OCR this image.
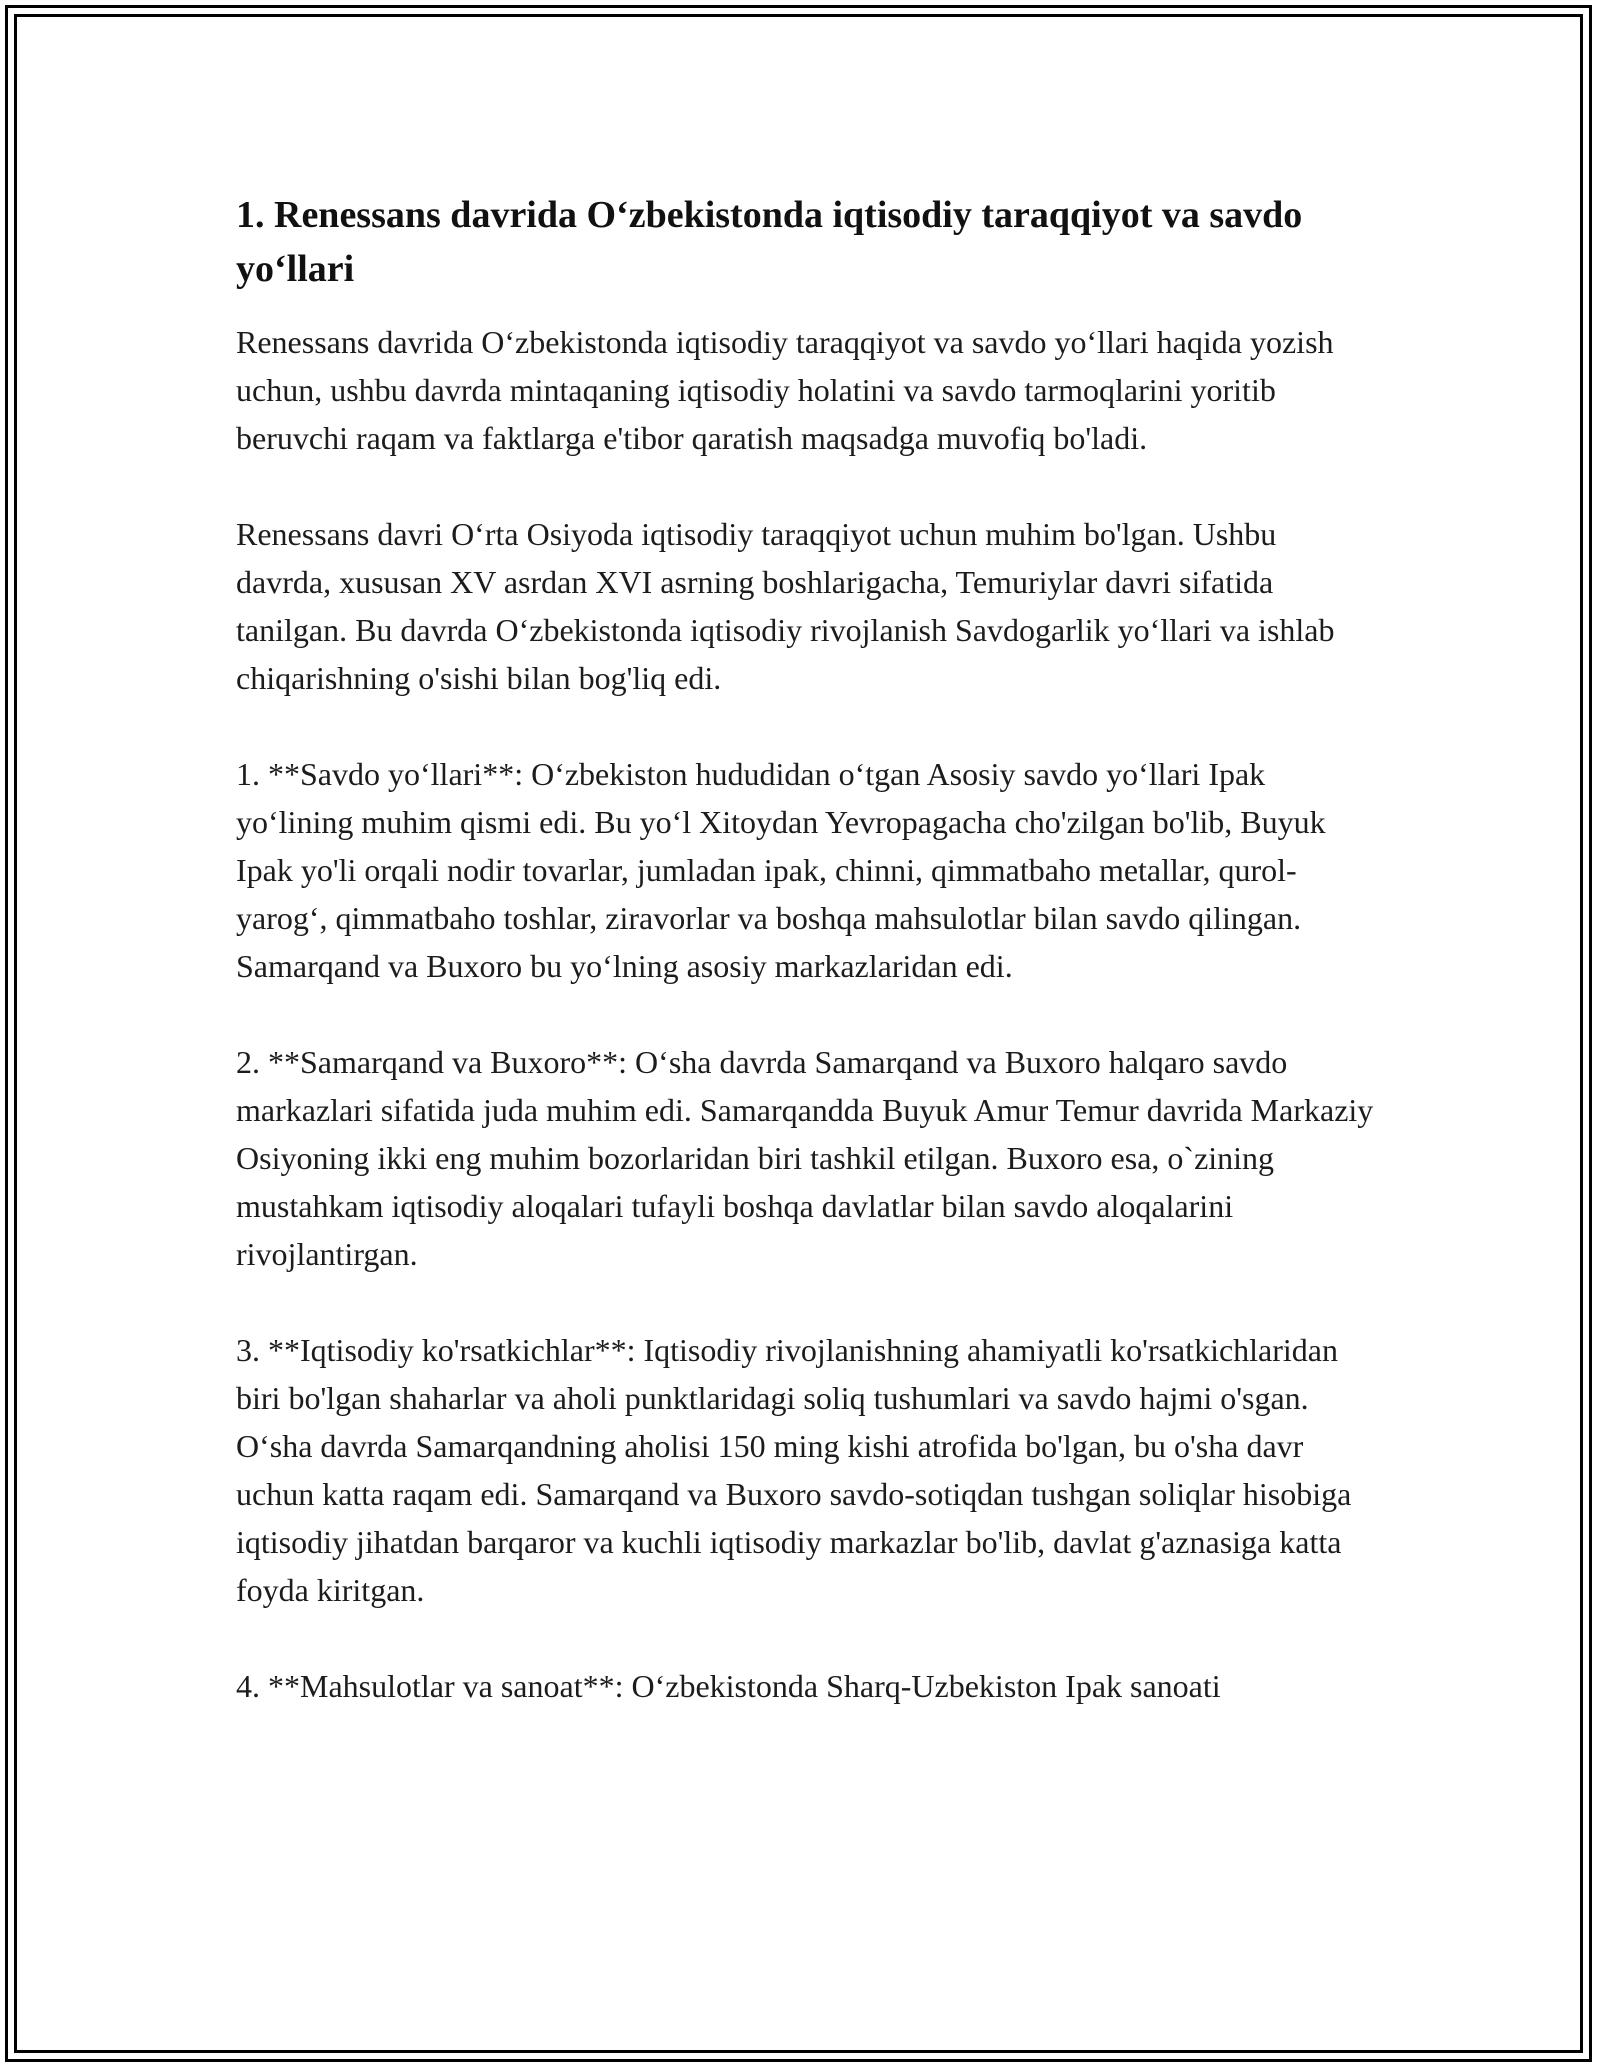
1. Renessans davrida O‘zbekistonda iqtisodiy taraqqiyot va savdo yo‘llari

Renessans davrida O‘zbekistonda iqtisodiy taraqqiyot va savdo yo‘llari haqida yozish uchun, ushbu davrda mintaqaning iqtisodiy holatini va savdo tarmoqlarini yoritib beruvchi raqam va faktlarga e'tibor qaratish maqsadga muvofiq bo'ladi.

Renessans davri O‘rta Osiyoda iqtisodiy taraqqiyot uchun muhim bo'lgan. Ushbu davrda, xususan XV asrdan XVI asrning boshlarigacha, Temuriylar davri sifatida tanilgan. Bu davrda O‘zbekistonda iqtisodiy rivojlanish Savdogarlik yo‘llari va ishlab chiqarishning o'sishi bilan bog'liq edi.

1. **Savdo yo‘llari**: O‘zbekiston hududidan o‘tgan Asosiy savdo yo‘llari Ipak yo‘lining muhim qismi edi. Bu yo‘l Xitoydan Yevropagacha cho'zilgan bo'lib, Buyuk Ipak yo'li orqali nodir tovarlar, jumladan ipak, chinni, qimmatbaho metallar, qurol-yarog‘, qimmatbaho toshlar, ziravorlar va boshqa mahsulotlar bilan savdo qilingan. Samarqand va Buxoro bu yo‘lning asosiy markazlaridan edi.

2. **Samarqand va Buxoro**: O‘sha davrda Samarqand va Buxoro halqaro savdo markazlari sifatida juda muhim edi. Samarqandda Buyuk Amur Temur davrida Markaziy Osiyoning ikki eng muhim bozorlaridan biri tashkil etilgan. Buxoro esa, o`zining mustahkam iqtisodiy aloqalari tufayli boshqa davlatlar bilan savdo aloqalarini rivojlantirgan.

3. **Iqtisodiy ko'rsatkichlar**: Iqtisodiy rivojlanishning ahamiyatli ko'rsatkichlaridan biri bo'lgan shaharlar va aholi punktlaridagi soliq tushumlari va savdo hajmi o'sgan. O‘sha davrda Samarqandning aholisi 150 ming kishi atrofida bo'lgan, bu o'sha davr uchun katta raqam edi. Samarqand va Buxoro savdo-sotiqdan tushgan soliqlar hisobiga iqtisodiy jihatdan barqaror va kuchli iqtisodiy markazlar bo'lib, davlat g'aznasiga katta foyda kiritgan.

4. **Mahsulotlar va sanoat**: O‘zbekistonda Sharq-Uzbekiston Ipak sanoati
